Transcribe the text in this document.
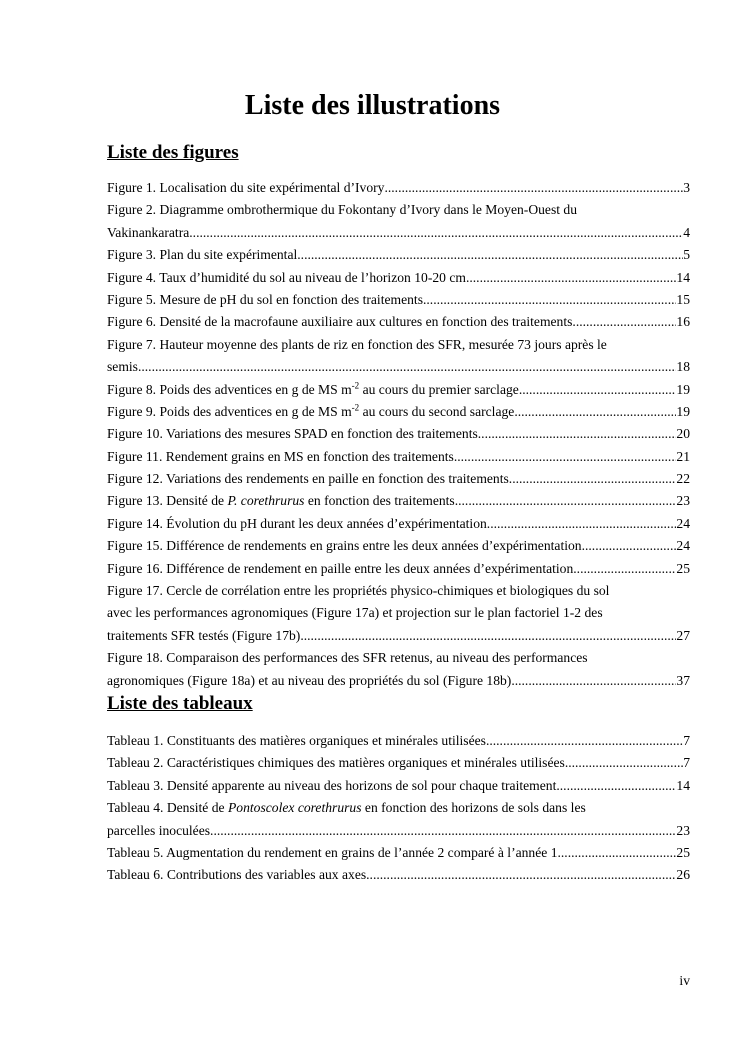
Liste des illustrations
Liste des figures
Figure 1. Localisation du site expérimental d’Ivory .....	3
Figure 2. Diagramme ombrothermique du Fokontany d’Ivory dans le Moyen-Ouest du
Vakinankaratra .....	4
Figure 3. Plan du site expérimental .....	5
Figure 4. Taux d’humidité du sol au niveau de l’horizon 10-20 cm .....	14
Figure 5. Mesure de pH du sol en fonction des traitements .....	15
Figure 6. Densité de la macrofaune auxiliaire aux cultures en fonction des traitements .....	16
Figure 7. Hauteur moyenne des plants de riz en fonction des SFR, mesurée 73 jours après le
semis .....	18
Figure 8. Poids des adventices en g de MS $m^{-2}$ au cours du premier sarclage .....	19
Figure 9. Poids des adventices en g de MS $m^{-2}$ au cours du second sarclage .....	19
Figure 10. Variations des mesures SPAD en fonction des traitements .....	20
Figure 11. Rendement grains en MS en fonction des traitements .....	21
Figure 12. Variations des rendements en paille en fonction des traitements .....	22
Figure 13. Densité de P. corethrurus en fonction des traitements .....	23
Figure 14. Évolution du pH durant les deux années d’expérimentation .....	24
Figure 15. Différence de rendements en grains entre les deux années d’expérimentation .....	24
Figure 16. Différence de rendement en paille entre les deux années d’expérimentation .....	25
Figure 17. Cercle de corrélation entre les propriétés physico-chimiques et biologiques du sol
avec les performances agronomiques (Figure 17a) et projection sur le plan factoriel 1-2 des
traitements SFR testés (Figure 17b) .....	27
Figure 18. Comparaison des performances des SFR retenus, au niveau des performances
agronomiques (Figure 18a) et au niveau des propriétés du sol (Figure 18b).. .....	37
Liste des tableaux
Tableau 1. Constituants des matières organiques et minérales utilisées .....	7
Tableau 2. Caractéristiques chimiques des matières organiques et minérales utilisées .....	7
Tableau 3. Densité apparente au niveau des horizons de sol pour chaque traitement .....	14
Tableau 4. Densité de Pontoscolex corethrurus en fonction des horizons de sols dans les
parcelles inoculées .....	23
Tableau 5. Augmentation du rendement en grains de l’année 2 comparé à l’année 1 .....	25
Tableau 6. Contributions des variables aux axes .....	26
iv
